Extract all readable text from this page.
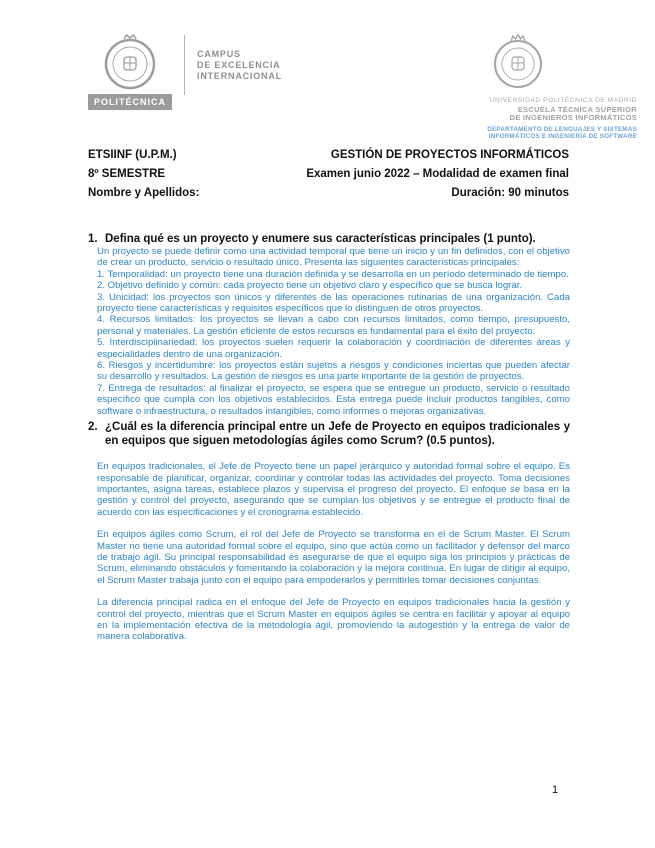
POLITÉCNICA
CAMPUS
DE EXCELENCIA
INTERNACIONAL
UNIVERSIDAD POLITÉCNICA DE MADRID
ESCUELA TÉCNICA SUPERIOR
DE INGENIEROS INFORMÁTICOS
DEPARTAMENTO DE LENGUAJES Y SISTEMAS
INFORMÁTICOS E INGENIERÍA DE SOFTWARE
ETSIINF (U.P.M.)	GESTIÓN DE PROYECTOS INFORMÁTICOS
8º SEMESTRE	Examen junio 2022 – Modalidad de examen final
Nombre y Apellidos:	Duración: 90 minutos
1. Defina qué es un proyecto y enumere sus características principales (1 punto).

Un proyecto se puede definir como una actividad temporal que tiene un inicio y un fin definidos, con el objetivo de crear un producto, servicio o resultado único. Presenta las siguientes características principales:

1. Temporalidad: un proyecto tiene una duración definida y se desarrolla en un período determinado de tiempo.

2. Objetivo definido y común: cada proyecto tiene un objetivo claro y específico que se busca lograr.

3. Unicidad: los proyectos son únicos y diferentes de las operaciones rutinarias de una organización. Cada proyecto tiene características y requisitos específicos que lo distinguen de otros proyectos.

4. Recursos limitados: los proyectos se llevan a cabo con recursos limitados, como tiempo, presupuesto, personal y materiales. La gestión eficiente de estos recursos es fundamental para el éxito del proyecto.

5. Interdisciplinariedad: los proyectos suelen requerir la colaboración y coordinación de diferentes áreas y especialidades dentro de una organización.

6. Riesgos y incertidumbre: los proyectos están sujetos a riesgos y condiciones inciertas que pueden afectar su desarrollo y resultados. La gestión de riesgos es una parte importante de la gestión de proyectos.

7. Entrega de resultados: al finalizar el proyecto, se espera que se entregue un producto, servicio o resultado específico que cumpla con los objetivos establecidos. Esta entrega puede incluir productos tangibles, como software o infraestructura, o resultados intangibles, como informes o mejoras organizativas.

2. ¿Cuál es la diferencia principal entre un Jefe de Proyecto en equipos tradicionales y en equipos que siguen metodologías ágiles como Scrum? (0.5 puntos).

En equipos tradicionales, el Jefe de Proyecto tiene un papel jerárquico y autoridad formal sobre el equipo. Es responsable de planificar, organizar, coordinar y controlar todas las actividades del proyecto. Toma decisiones importantes, asigna tareas, establece plazos y supervisa el progreso del proyecto. El enfoque se basa en la gestión y control del proyecto, asegurando que se cumplan los objetivos y se entregue el producto final de acuerdo con las especificaciones y el cronograma establecido.

En equipos ágiles como Scrum, el rol del Jefe de Proyecto se transforma en el de Scrum Master. El Scrum Master no tiene una autoridad formal sobre el equipo, sino que actúa como un facilitador y defensor del marco de trabajo ágil. Su principal responsabilidad es asegurarse de que el equipo siga los principios y prácticas de Scrum, eliminando obstáculos y fomentando la colaboración y la mejora continua. En lugar de dirigir al equipo, el Scrum Master trabaja junto con el equipo para empoderarlos y permitirles tomar decisiones conjuntas.

La diferencia principal radica en el enfoque del Jefe de Proyecto en equipos tradicionales hacia la gestión y control del proyecto, mientras que el Scrum Master en equipos ágiles se centra en facilitar y apoyar al equipo en la implementación efectiva de la metodología ágil, promoviendo la autogestión y la entrega de valor de manera colaborativa.

1
